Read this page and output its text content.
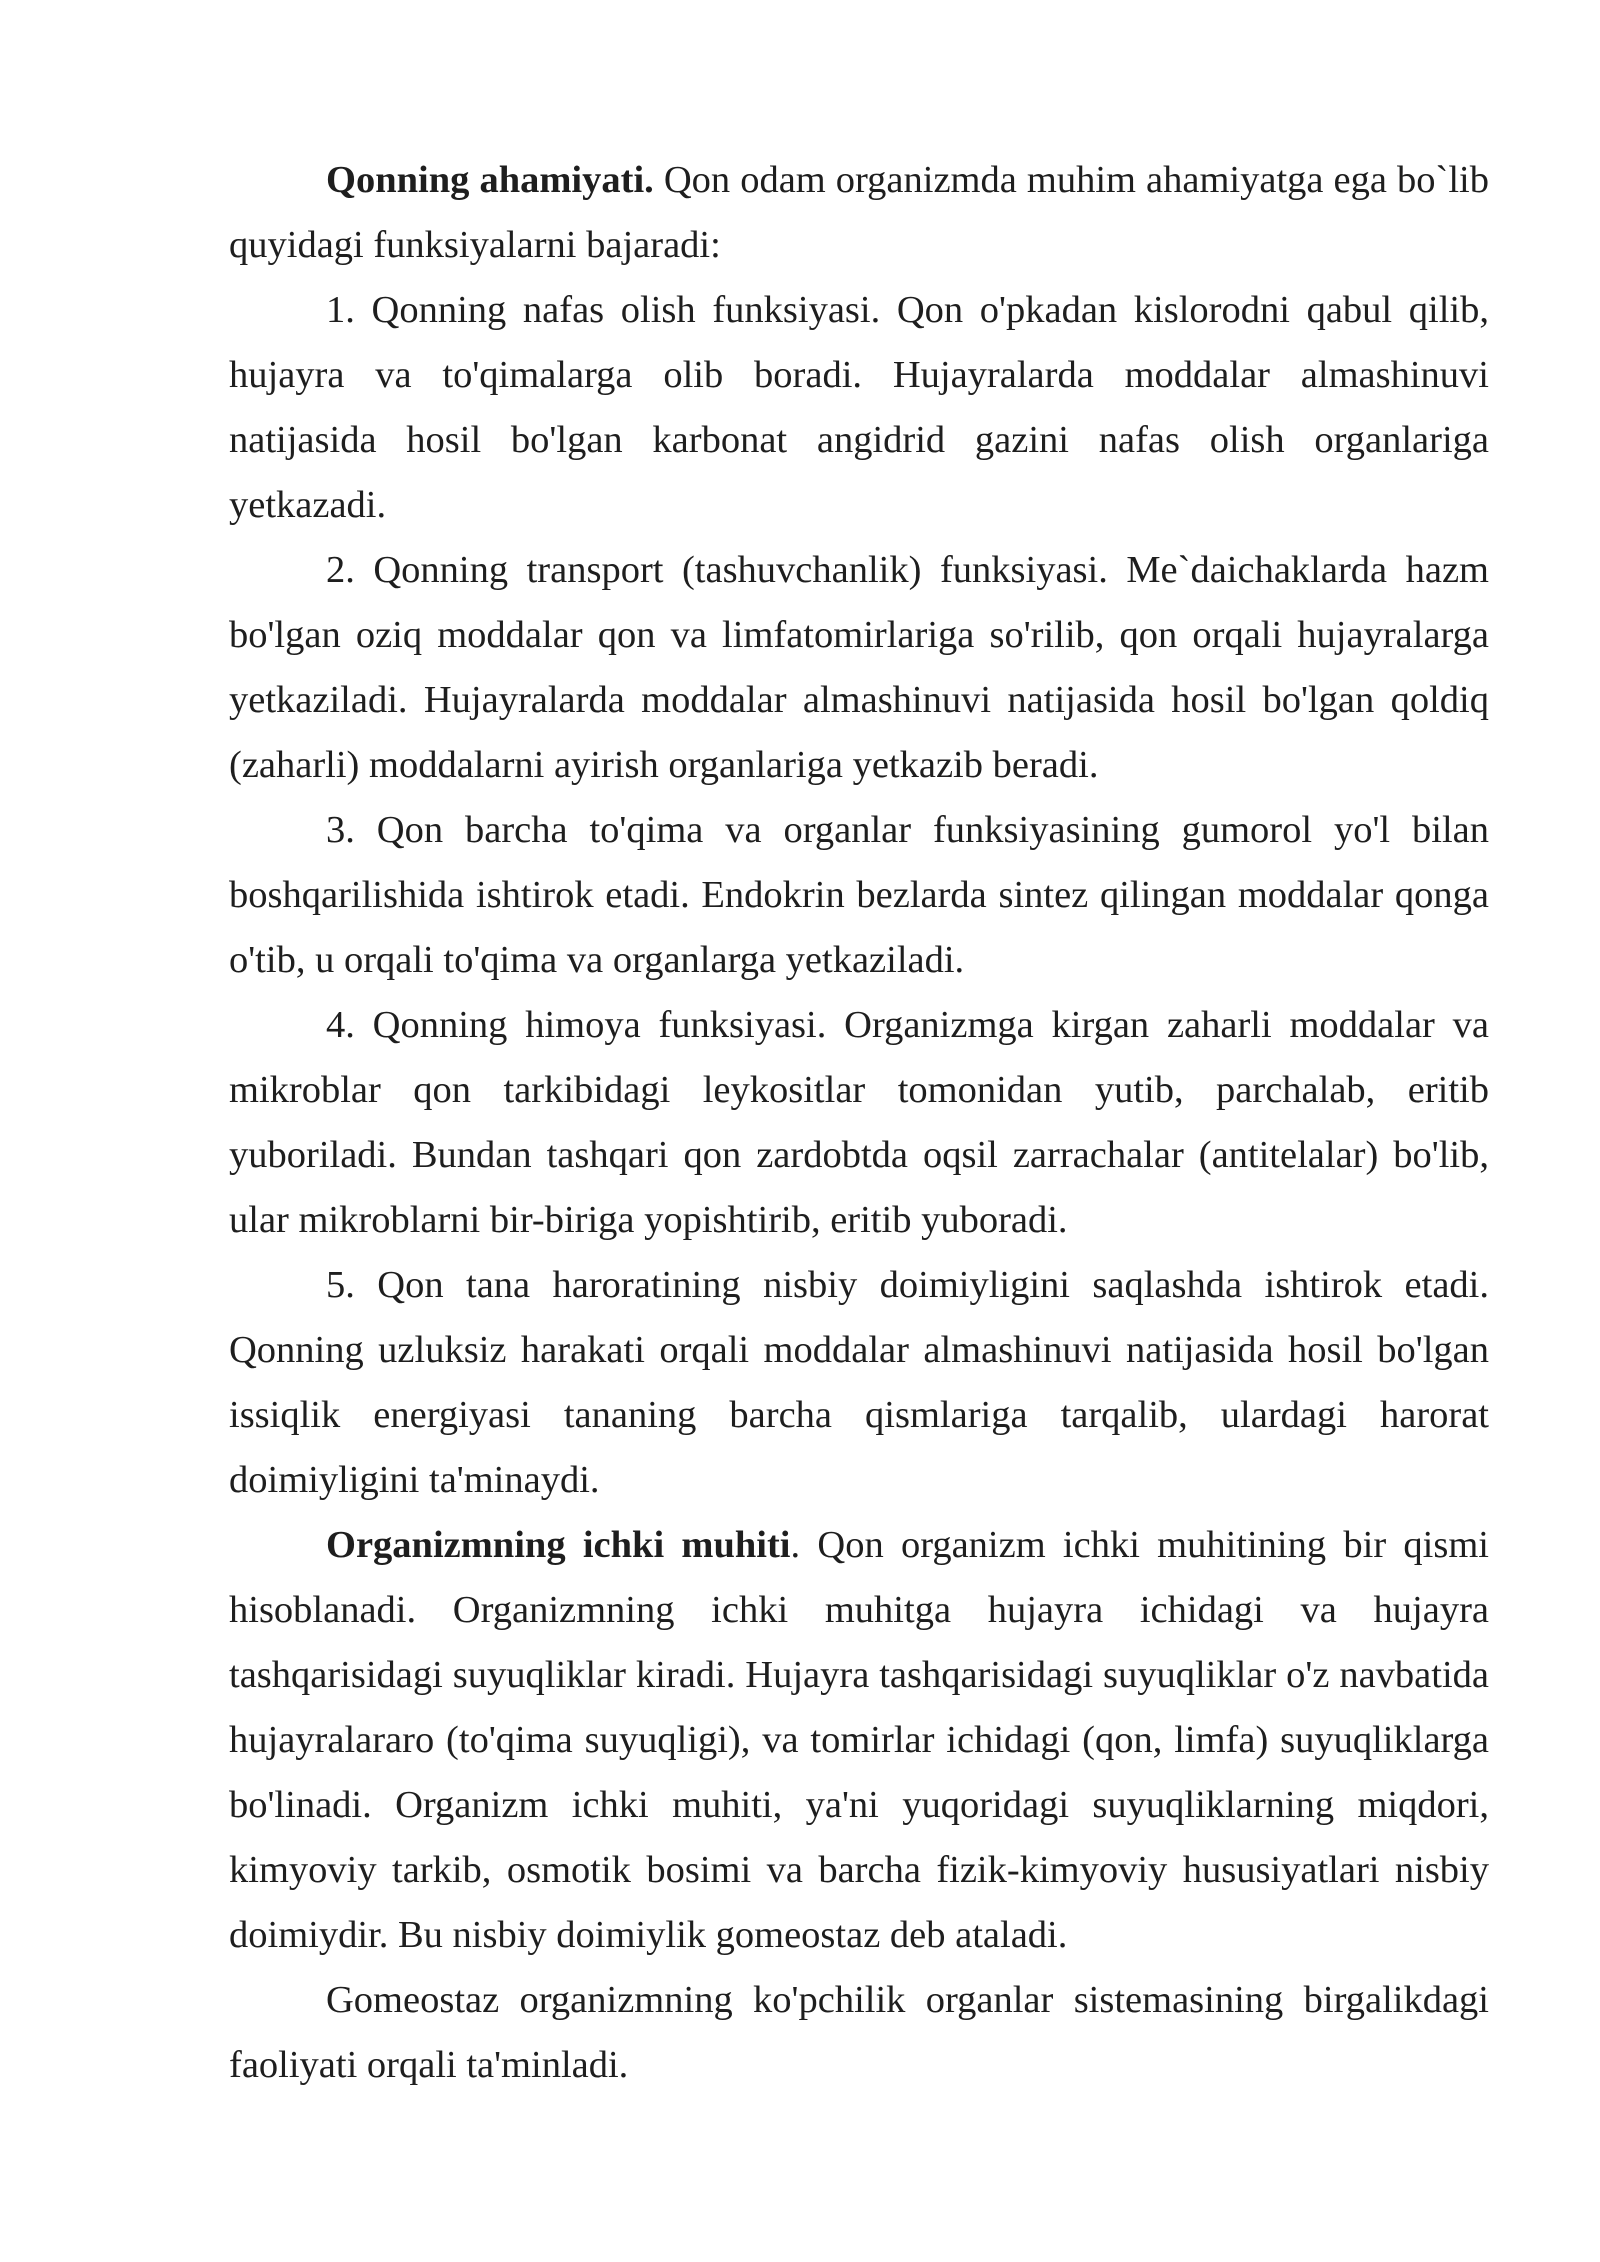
Qonning ahamiyati. Qon odam organizmda muhim ahamiyatga ega bo`lib quyidagi funksiyalarni bajaradi:

1. Qonning nafas olish funksiyasi. Qon o'pkadan kislorodni qabul qilib, hujayra va to'qimalarga olib boradi. Hujayralarda moddalar almashinuvi natijasida hosil bo'lgan karbonat angidrid gazini nafas olish organlariga yetkazadi.

2. Qonning transport (tashuvchanlik) funksiyasi. Me`daichaklarda hazm bo'lgan oziq moddalar qon va limfatomirlariga so'rilib, qon orqali hujayralarga yetkaziladi. Hujayralarda moddalar almashinuvi natijasida hosil bo'lgan qoldiq (zaharli) moddalarni ayirish organlariga yetkazib beradi.

3. Qon barcha to'qima va organlar funksiyasining gumorol yo'l bilan boshqarilishida ishtirok etadi. Endokrin bezlarda sintez qilingan moddalar qonga o'tib, u orqali to'qima va organlarga yetkaziladi.

4. Qonning himoya funksiyasi. Organizmga kirgan zaharli moddalar va mikroblar qon tarkibidagi leykositlar tomonidan yutib, parchalab, eritib yuboriladi. Bundan tashqari qon zardobtda oqsil zarrachalar (antitelalar) bo'lib, ular mikroblarni bir-biriga yopishtirib, eritib yuboradi.

5. Qon tana haroratining nisbiy doimiyligini saqlashda ishtirok etadi. Qonning uzluksiz harakati orqali moddalar almashinuvi natijasida hosil bo'lgan issiqlik energiyasi tananing barcha qismlariga tarqalib, ulardagi harorat doimiyligini ta'minaydi.

Organizmning ichki muhiti. Qon organizm ichki muhitining bir qismi hisoblanadi. Organizmning ichki muhitga hujayra ichidagi va hujayra tashqarisidagi suyuqliklar kiradi. Hujayra tashqarisidagi suyuqliklar o'z navbatida hujayralararo (to'qima suyuqligi), va tomirlar ichidagi (qon, limfa) suyuqliklarga bo'linadi. Organizm ichki muhiti, ya'ni yuqoridagi suyuqliklarning miqdori, kimyoviy tarkib, osmotik bosimi va barcha fizik-kimyoviy hususiyatlari nisbiy doimiydir. Bu nisbiy doimiylik gomeostaz deb ataladi.

Gomeostaz organizmning ko'pchilik organlar sistemasining birgalikdagi faoliyati orqali ta'minladi.
